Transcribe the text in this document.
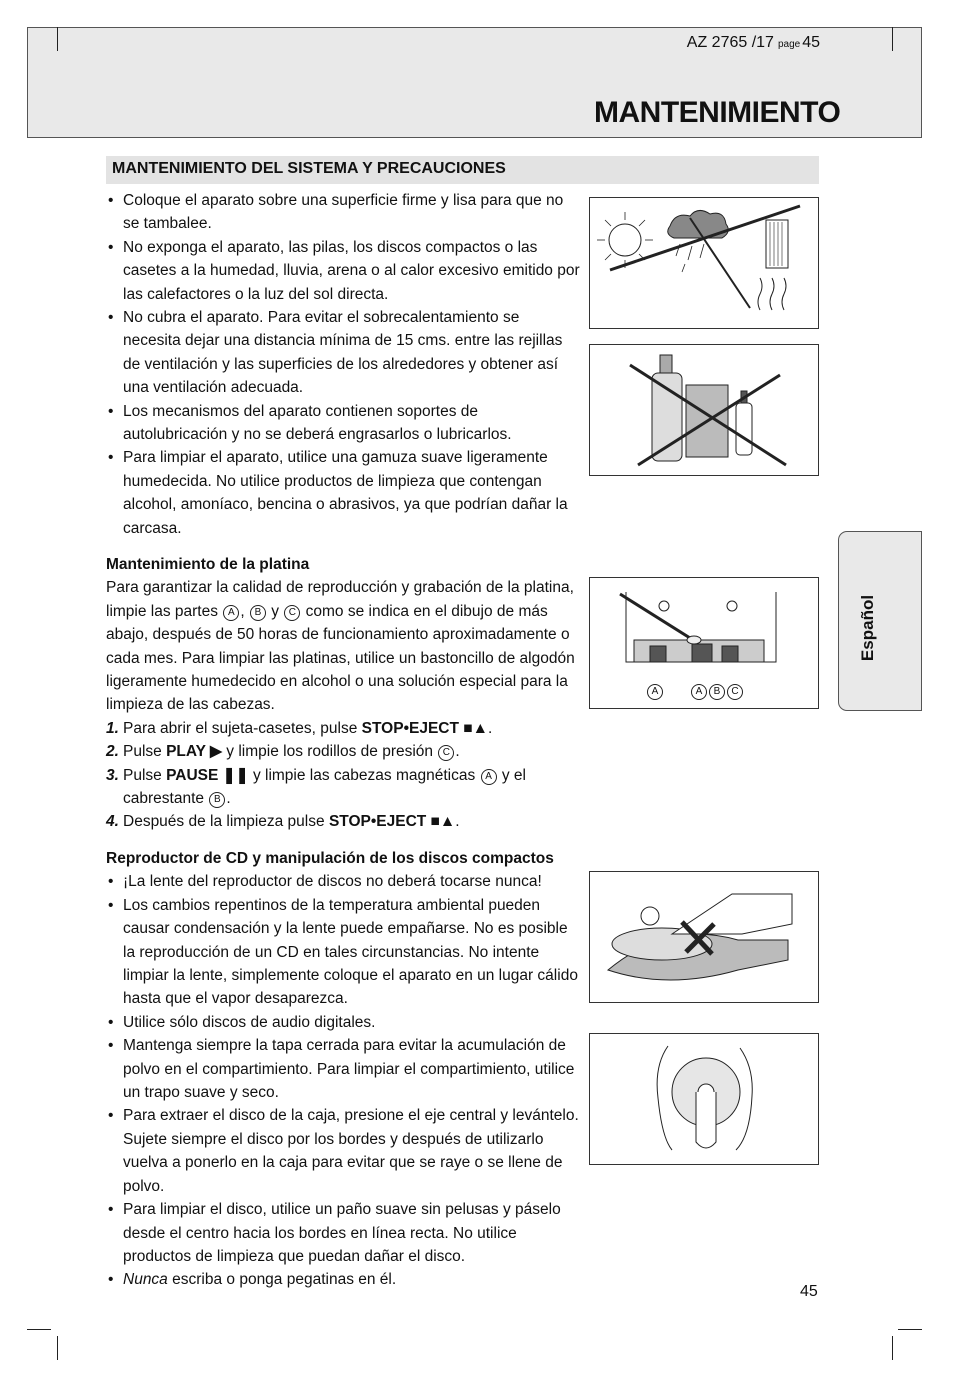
AZ 2765 /17 page 45
MANTENIMIENTO
MANTENIMIENTO DEL SISTEMA Y PRECAUCIONES
• Coloque el aparato sobre una superficie firme y lisa para que no se tambalee.
• No exponga el aparato, las pilas, los discos compactos o las casetes a la humedad, lluvia, arena o al calor excesivo emitido por las calefactores o la luz del sol directa.
• No cubra el aparato. Para evitar el sobrecalentamiento se necesita dejar una distancia mínima de 15 cms. entre las rejillas de ventilación y las superficies de los alrededores y obtener así una ventilación adecuada.
• Los mecanismos del aparato contienen soportes de autolubricación y no se deberá engrasarlos o lubricarlos.
• Para limpiar el aparato, utilice una gamuza suave ligeramente humedecida. No utilice productos de limpieza que contengan alcohol, amoníaco, bencina o abrasivos, ya que podrían dañar la carcasa.
Mantenimiento de la platina

Para garantizar la calidad de reproducción y grabación de la platina, limpie las partes A , B y C como se indica en el dibujo de más abajo, después de 50 horas de funcionamiento aproximadamente o cada mes. Para limpiar las platinas, utilice un bastoncillo de algodón ligeramente humedecido en alcohol o una solución especial para la limpieza de las cabezas.

1. Para abrir el sujeta-casetes, pulse STOP•EJECT ■▲.
2. Pulse PLAY ▶ y limpie los rodillos de presión C .
3. Pulse PAUSE ❚❚ y limpie las cabezas magnéticas A y el cabrestante B .
4. Después de la limpieza pulse STOP•EJECT ■▲.
Reproductor de CD y manipulación de los discos compactos
• ¡La lente del reproductor de discos no deberá tocarse nunca!
• Los cambios repentinos de la temperatura ambiental pueden causar condensación y la lente puede empañarse. No es posible la reproducción de un CD en tales circunstancias. No intente limpiar la lente, simplemente coloque el aparato en un lugar cálido hasta que el vapor desaparezca.
• Utilice sólo discos de audio digitales.
• Mantenga siempre la tapa cerrada para evitar la acumulación de polvo en el compartimiento. Para limpiar el compartimiento, utilice un trapo suave y seco.
• Para extraer el disco de la caja, presione el eje central y levántelo. Sujete siempre el disco por los bordes y después de utilizarlo vuelva a ponerlo en la caja para evitar que se raye o se llene de polvo.
• Para limpiar el disco, utilice un paño suave sin pelusas y páselo desde el centro hacia los bordes en línea recta. No utilice productos de limpieza que puedan dañar el disco.
• Nunca escriba o ponga pegatinas en él.
A	A B C
Español
45
